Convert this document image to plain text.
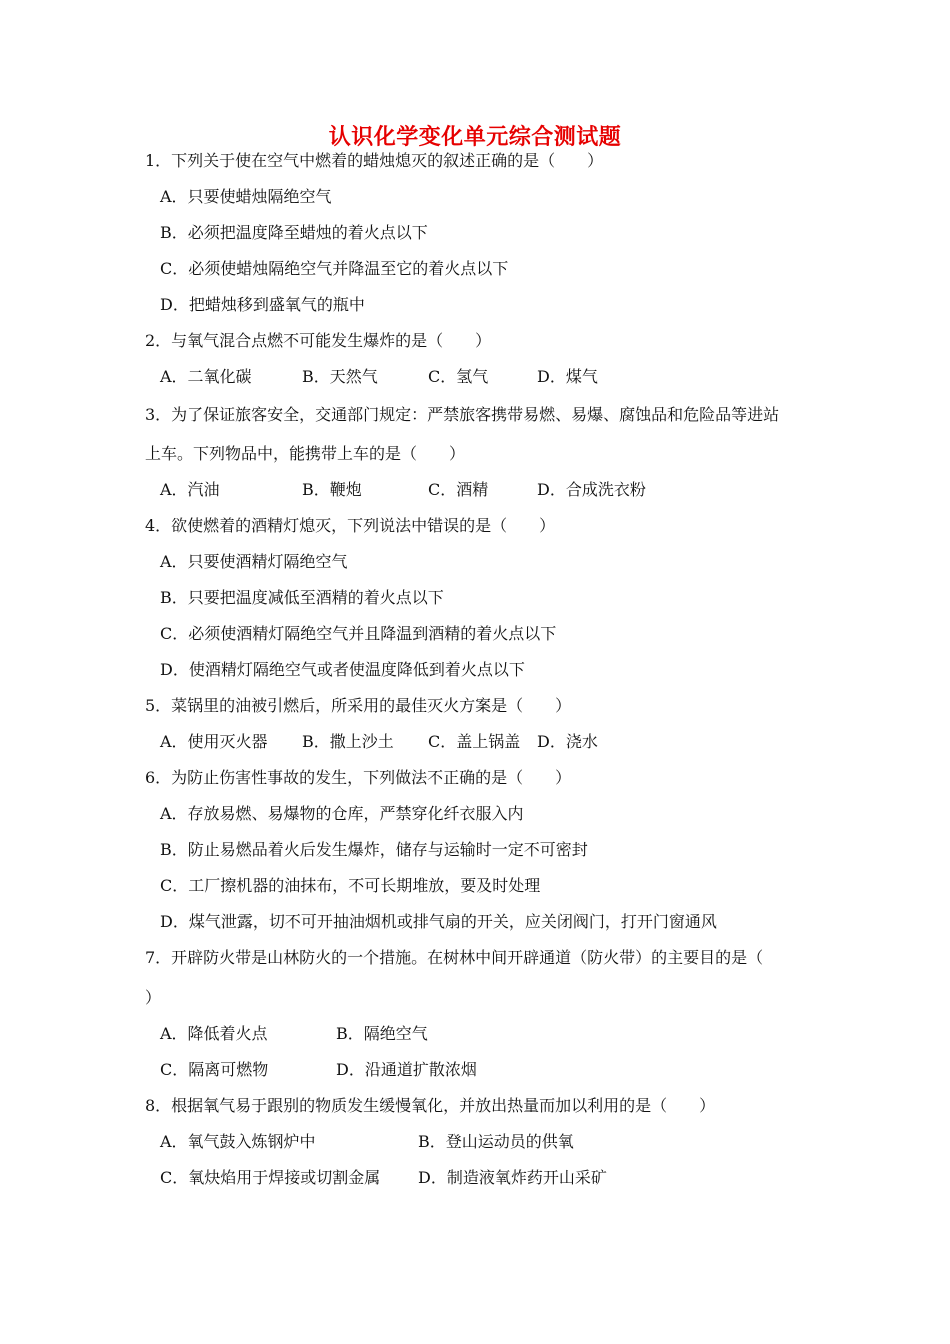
认识化学变化单元综合测试题
1．下列关于使在空气中燃着的蜡烛熄灭的叙述正确的是（　　）
A．只要使蜡烛隔绝空气
B．必须把温度降至蜡烛的着火点以下
C．必须使蜡烛隔绝空气并降温至它的着火点以下
D．把蜡烛移到盛氧气的瓶中
2．与氧气混合点燃不可能发生爆炸的是（　　）
A．二氧化碳	B．天然气	C．氢气	D．煤气
3．为了保证旅客安全，交通部门规定：严禁旅客携带易燃、易爆、腐蚀品和危险品等进站
上车。下列物品中，能携带上车的是（　　）
A．汽油	B．鞭炮	C．酒精	D．合成洗衣粉
4．欲使燃着的酒精灯熄灭，下列说法中错误的是（　　）
A．只要使酒精灯隔绝空气
B．只要把温度减低至酒精的着火点以下
C．必须使酒精灯隔绝空气并且降温到酒精的着火点以下
D．使酒精灯隔绝空气或者使温度降低到着火点以下
5．菜锅里的油被引燃后，所采用的最佳灭火方案是（　　）
A．使用灭火器 B．撒上沙土 C．盖上锅盖 D．浇水
6．为防止伤害性事故的发生，下列做法不正确的是（　　）
A．存放易燃、易爆物的仓库，严禁穿化纤衣服入内
B．防止易燃品着火后发生爆炸，储存与运输时一定不可密封
C．工厂擦机器的油抹布，不可长期堆放，要及时处理
D．煤气泄露，切不可开抽油烟机或排气扇的开关，应关闭阀门，打开门窗通风
7．开辟防火带是山林防火的一个措施。在树林中间开辟通道（防火带）的主要目的是（
）
A．降低着火点	B．隔绝空气
C．隔离可燃物	D．沿通道扩散浓烟
8．根据氧气易于跟别的物质发生缓慢氧化，并放出热量而加以利用的是（　　）
A．氧气鼓入炼钢炉中	B．登山运动员的供氧
C．氧炔焰用于焊接或切割金属 D．制造液氧炸药开山采矿
